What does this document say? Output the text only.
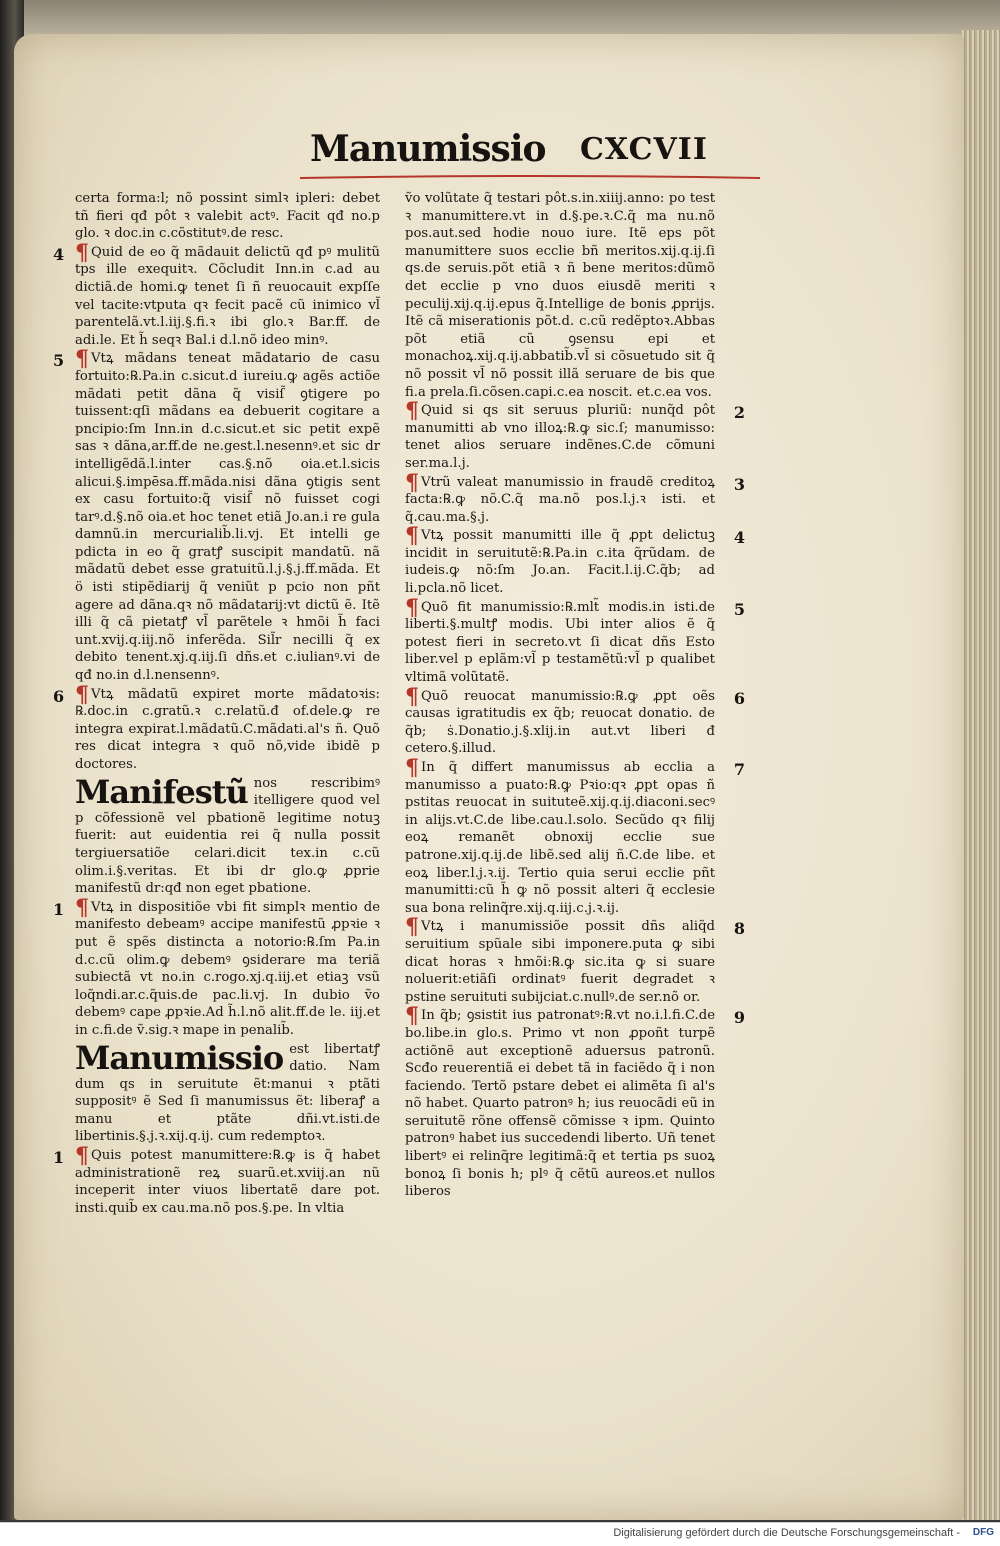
Manumissio CXCVII

certa forma:l; nõ possint simlꝛ ipleri: debet tñ fieri qđ pôt ꝛ valebit actꝰ. Facit qđ no.p glo. ꝛ doc.in c.cõstitutꝰ.de resc.

4 ¶ Quid de eo q̃ mãdauit delictũ qđ pꝰ mulitũ tps ille exequitꝛ. Cõcludit Inn.in c.ad au dictiã.de homi.ꝙ tenet ſi ñ reuocauit expſſe vel tacite:vtputa qꝛ fecit pacẽ cũ inimico vl̃ parentelã.vt.l.iij.§.fi.ꝛ ibi glo.ꝛ Bar.ff. de adi.le. Et h̃ seqꝛ Bal.i d.l.nõ ideo minꝰ.

5 ¶ Vtꝝ mãdans teneat mãdatario de casu fortuito:℞.Pa.in c.sicut.d iureiu.ꝙ agẽs actiõe mãdati petit dãna q̃ visiſ̃ ꝯtigere po tuissent:qſi mãdans ea debuerit cogitare a pncipio:ſm Inn.in d.c.sicut.et sic petit expẽ sas ꝛ dãna,ar.ff.de ne.gest.l.nesennꝰ.et sic dr intelligẽdã.l.inter cas.§.nõ oia.et.l.sicis alicui.§.impēsa.ff.mãda.nisi dãna ꝯtigis sent ex casu fortuito:q̃ visiſ̃ nõ fuisset cogi tarꝰ.d.§.nõ oia.et hoc tenet etiã Jo.an.i re gula damnũ.in mercurialib̃.li.vj. Et intelli ge pdicta in eo q̃ gratꝭ suscipit mandatũ. nã mãdatũ debet esse gratuitũ.l.j.§.j.ff.mãda. Et ö isti stipẽdiarij q̃ veniũt p pcio non pñt agere ad dãna.qꝛ nõ mãdatarij:vt dictũ ẽ. Itẽ illi q̃ cã pietatꝭ vl̃ parẽtele ꝛ hmõi h̃ faci unt.xvij.q.iij.nõ inferẽda. Sil̃r necilli q̃ ex debito tenent.xj.q.iij.ſi dñs.et c.iulianꝰ.vi de qđ no.in d.l.nensennꝰ.

6 ¶ Vtꝝ mãdatũ expiret morte mãdatoꝛis: ℞.doc.in c.gratũ.ꝛ c.relatũ.đ of.dele.ꝙ re integra expirat.l.mãdatũ.C.mãdati.al's ñ. Quõ res dicat integra ꝛ quõ nõ,vide ibidẽ p doctores.

Manifestũ nos rescribimꝰ itelligere quod vel p cõfessionẽ vel pbationẽ legitime notuꝫ fuerit: aut euidentia rei q̃ nulla possit tergiuersatiõe celari.dicit tex.in c.cũ olim.i.§.veritas. Et ibi dr glo.ꝙ ꝓprie manifestũ dr:qđ non eget pbatione.

1 ¶ Vtꝝ in dispositiõe vbi fit simplꝛ mentio de manifesto debeamꝰ accipe manifestũ ꝓpꝛie ꝛ put ẽ spẽs distincta a notorio:℞.ſm Pa.in d.c.cũ olim.ꝙ debemꝰ ꝯsiderare ma teriã subiectã vt no.in c.rogo.xj.q.iij.et etiaꝫ vsũ loq̃ndi.ar.c.q̃uis.de pac.li.vj. In dubio ṽo debemꝰ cape ꝓpꝛie.Ad h̃.l.nõ alit.ff.de le. iij.et in c.fi.de ṽ.sig.ꝛ mape in penalib̃.

Manumissio est libertatꝭ datio. Nam dum qs in seruitute ẽt:manui ꝛ ptãti suppositꝰ ẽ Sed ſi manumissus ẽt: liberaꝭ a manu et ptãte dñi.vt.isti.de libertinis.§.j.ꝛ.xij.q.ij. cum redemptoꝛ.

1 ¶ Quis potest manumittere:℞.ꝙ is q̃ habet administrationẽ reꝝ suarũ.et.xviij.an nũ inceperit inter viuos libertatẽ dare pot. insti.quib̃ ex cau.ma.nõ pos.§.pe. In vltia

ṽo volũtate q̃ testari pôt.s.in.xiiij.anno: po test ꝛ manumittere.vt in d.§.pe.ꝛ.C.q̃ ma nu.nõ pos.aut.sed hodie nouo iure. Itẽ eps põt manumittere suos ecclie bñ meritos.xij.q.ij.ſi qs.de seruis.põt etiã ꝛ ñ bene meritos:dũmõ det ecclie p vno duos eiusdẽ meriti ꝛ peculij.xij.q.ij.epus q̃.Intellige de bonis ꝓprijs. Itẽ cã miserationis põt.d. c.cũ redẽptoꝛ.Abbas põt etiã cũ ꝯsensu epi et monachoꝝ.xij.q.ij.abbatib̃.vl̃ si cõsuetudo sit q̃ nõ possit vl̃ nõ possit illã seruare de bis que fi.a prela.ſi.cõsen.capi.c.ea noscit. et.c.ea vos.

2
¶ Quid si qs sit seruus pluriũ: nunq̃d pôt manumitti ab vno illoꝝ:℞.ꝙ sic.ſ; manumisso: tenet alios seruare indẽnes.C.de cõmuni ser.ma.l.j.

3
¶ Vtrũ valeat manumissio in fraudẽ creditoꝝ facta:℞.ꝙ nõ.C.q̃ ma.nõ pos.l.j.ꝛ isti. et q̃.cau.ma.§.j.

4
¶ Vtꝝ possit manumitti ille q̃ ꝓpt delictuꝫ incidit in seruitutẽ:℞.Pa.in c.ita q̃rũdam. de iudeis.ꝙ nõ:ſm Jo.an. Facit.l.ij.C.q̃b; ad li.pcla.nõ licet.

5
¶ Quõ fit manumissio:℞.mlt̃ modis.in isti.de liberti.§.multꝭ modis. Ubi inter alios ẽ q̃ potest fieri in secreto.vt ſi dicat dñs Esto liber.vel p eplãm:vl̃ p testamẽtũ:vl̃ p qualibet vltimã volũtatẽ.

6
¶ Quõ reuocat manumissio:℞.ꝙ ꝓpt oẽs causas igratitudis ex q̃b; reuocat donatio. de q̃b; ṡ.Donatio.j.§.xlij.in aut.vt liberi đ cetero.§.illud.

7
¶ In q̃ differt manumissus ab ecclia a manumisso a puato:℞.ꝙ Pꝛio:qꝛ ꝓpt opas ñ pstitas reuocat in suituteẽ.xij.q.ij.diaconi.secꝰ in alijs.vt.C.de libe.cau.l.solo. Secũdo qꝛ filij eoꝝ remanẽt obnoxij ecclie sue patrone.xij.q.ij.de libẽ.sed alij ñ.C.de libe. et eoꝝ liber.l.j.ꝛ.ij. Tertio quia serui ecclie pñt manumitti:cũ h̃ ꝙ nõ possit alteri q̃ ecclesie sua bona relinq̃re.xij.q.iij.c.j.ꝛ.ij.

8
¶ Vtꝝ i manumissiõe possit dñs aliq̃d seruitium spũale sibi imponere.puta ꝙ sibi dicat horas ꝛ hmõi:℞.ꝙ sic.ita ꝙ si suare noluerit:etiãſi ordinatꝰ fuerit degradet ꝛ pstine seruituti subijciat.c.nullꝰ.de ser.nõ or.

9
¶ In q̃b; ꝯsistit ius patronatꝰ:℞.vt no.i.l.fi.C.de bo.libe.in glo.s. Primo vt non ꝓpoñt turpẽ actiõnẽ aut exceptionẽ aduersus patronũ. Scđo reuerentiã ei debet tã in faciẽdo q̃ i non faciendo. Tertõ pstare debet ei alimẽta ſi al's nõ habet. Quarto patronꝰ h; ius reuocãdi eũ in seruitutẽ rõne offensẽ cõmisse ꝛ ipm. Quinto patronꝰ habet ius succedendi liberto. Uñ tenet libertꝰ ei relinq̃re legitimã:q̃ et tertia ps suoꝝ bonoꝝ ſi bonis h; plꝰ q̃ cẽtũ aureos.et nullos liberos

Digitalisierung gefördert durch die Deutsche Forschungsgemeinschaft - DFG
